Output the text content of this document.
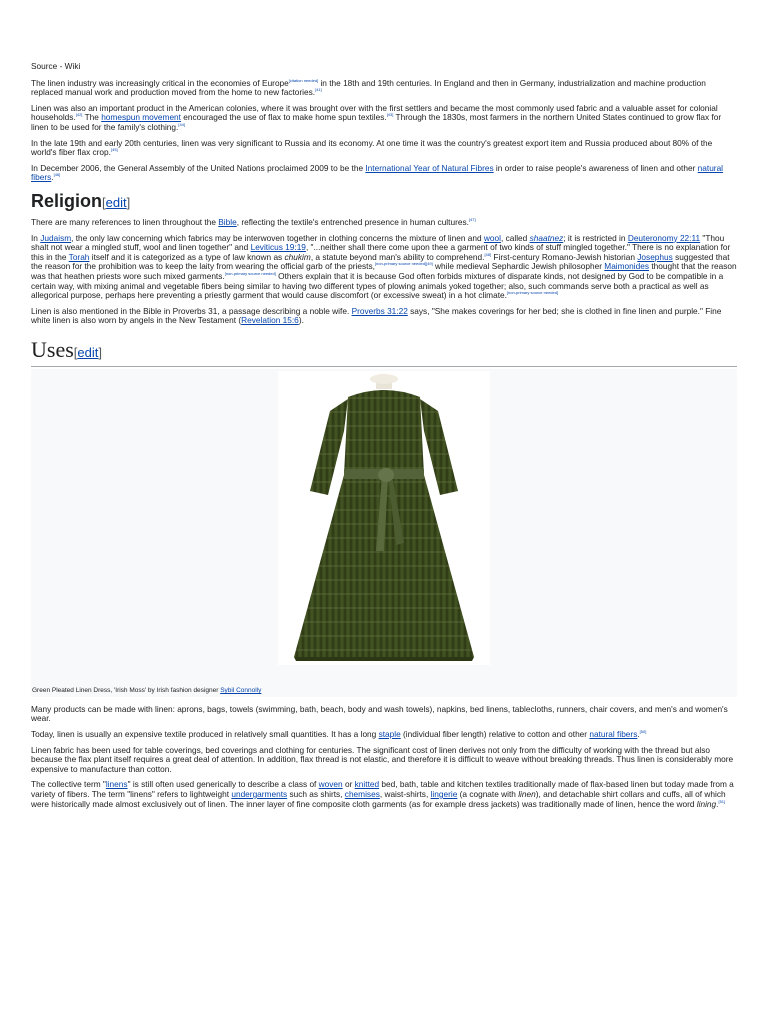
Source - Wiki

The linen industry was increasingly critical in the economies of Europe[citation needed] in the 18th and 19th centuries. In England and then in Germany, industrialization and machine production replaced manual work and production moved from the home to new factories.[41]

Linen was also an important product in the American colonies, where it was brought over with the first settlers and became the most commonly used fabric and a valuable asset for colonial households.[42] The homespun movement encouraged the use of flax to make home spun textiles.[43] Through the 1830s, most farmers in the northern United States continued to grow flax for linen to be used for the family's clothing.[44]

In the late 19th and early 20th centuries, linen was very significant to Russia and its economy. At one time it was the country's greatest export item and Russia produced about 80% of the world's fiber flax crop.[45]

In December 2006, the General Assembly of the United Nations proclaimed 2009 to be the International Year of Natural Fibres in order to raise people's awareness of linen and other natural fibers.[46]

Religion[edit]

There are many references to linen throughout the Bible, reflecting the textile's entrenched presence in human cultures.[47]

In Judaism, the only law concerning which fabrics may be interwoven together in clothing concerns the mixture of linen and wool, called shaatnez; it is restricted in Deuteronomy 22:11 "Thou shalt not wear a mingled stuff, wool and linen together" and Leviticus 19:19, "...neither shall there come upon thee a garment of two kinds of stuff mingled together." There is no explanation for this in the Torah itself and it is categorized as a type of law known as chukim, a statute beyond man's ability to comprehend.[48] First-century Romano-Jewish historian Josephus suggested that the reason for the prohibition was to keep the laity from wearing the official garb of the priests,[non-primary source needed][49] while medieval Sephardic Jewish philosopher Maimonides thought that the reason was that heathen priests wore such mixed garments.[non-primary source needed] Others explain that it is because God often forbids mixtures of disparate kinds, not designed by God to be compatible in a certain way, with mixing animal and vegetable fibers being similar to having two different types of plowing animals yoked together; also, such commands serve both a practical as well as allegorical purpose, perhaps here preventing a priestly garment that would cause discomfort (or excessive sweat) in a hot climate.[non-primary source needed]

Linen is also mentioned in the Bible in Proverbs 31, a passage describing a noble wife. Proverbs 31:22 says, "She makes coverings for her bed; she is clothed in fine linen and purple." Fine white linen is also worn by angels in the New Testament (Revelation 15:6).

Uses[edit]
Green Pleated Linen Dress, 'Irish Moss' by Irish fashion designer Sybil Connolly

Many products can be made with linen: aprons, bags, towels (swimming, bath, beach, body and wash towels), napkins, bed linens, tablecloths, runners, chair covers, and men's and women's wear.

Today, linen is usually an expensive textile produced in relatively small quantities. It has a long staple (individual fiber length) relative to cotton and other natural fibers.[50]

Linen fabric has been used for table coverings, bed coverings and clothing for centuries. The significant cost of linen derives not only from the difficulty of working with the thread but also because the flax plant itself requires a great deal of attention. In addition, flax thread is not elastic, and therefore it is difficult to weave without breaking threads. Thus linen is considerably more expensive to manufacture than cotton.

The collective term "linens" is still often used generically to describe a class of woven or knitted bed, bath, table and kitchen textiles traditionally made of flax-based linen but today made from a variety of fibers. The term "linens" refers to lightweight undergarments such as shirts, chemises, waist-shirts, lingerie (a cognate with linen), and detachable shirt collars and cuffs, all of which were historically made almost exclusively out of linen. The inner layer of fine composite cloth garments (as for example dress jackets) was traditionally made of linen, hence the word lining.[51]
